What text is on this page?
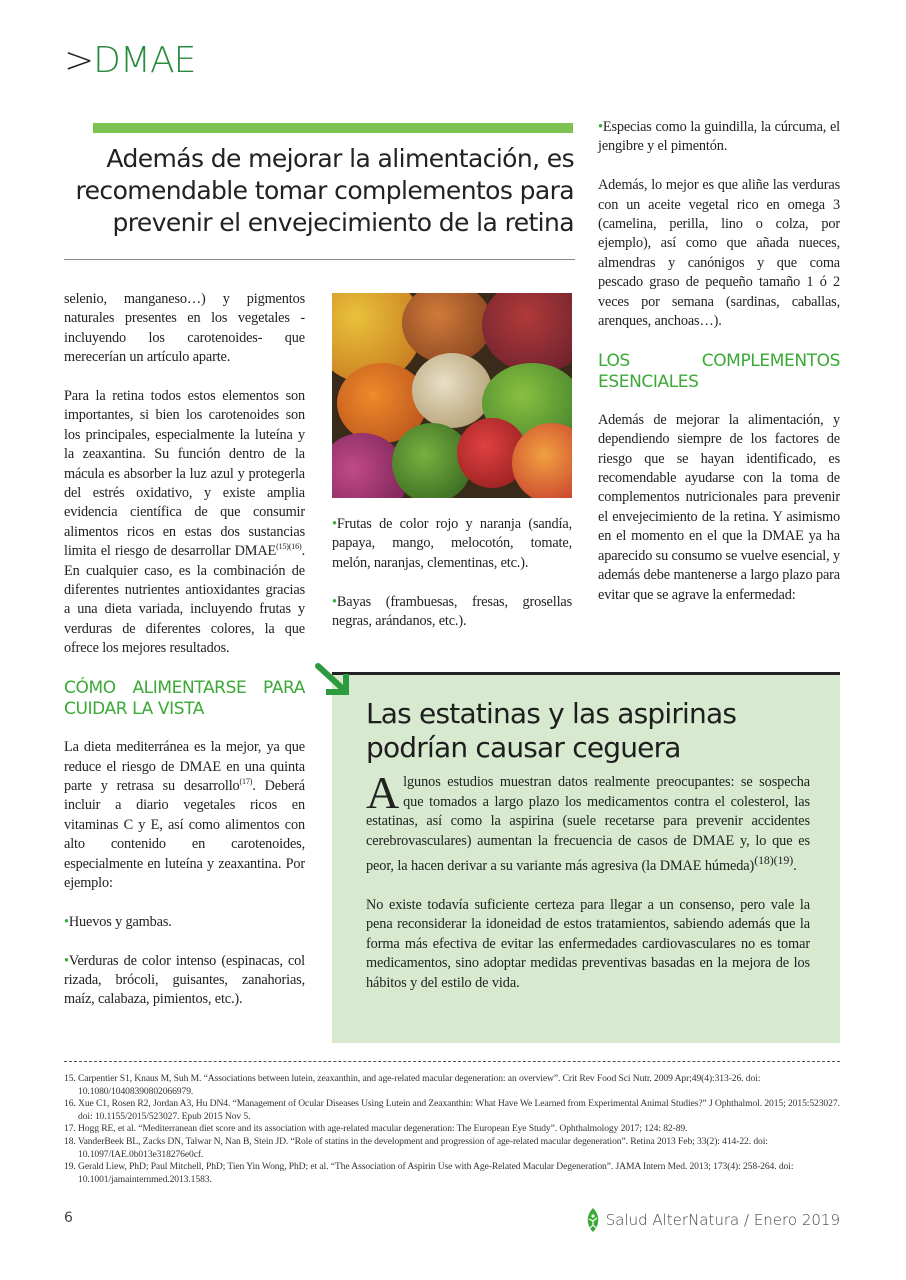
>DMAE
Además de mejorar la alimentación, es recomendable tomar complementos para prevenir el envejecimiento de la retina

selenio, manganeso…) y pigmentos naturales presentes en los vegetales -incluyendo los carotenoides- que merecerían un artículo aparte.

Para la retina todos estos elementos son importantes, si bien los carotenoides son los principales, especialmente la luteína y la zeaxantina. Su función dentro de la mácula es absorber la luz azul y protegerla del estrés oxidativo, y existe amplia evidencia científica de que consumir alimentos ricos en estas dos sustancias limita el riesgo de desarrollar $DMAE^{(15)(16)}$. En cualquier caso, es la combinación de diferentes nutrientes antioxidantes gracias a una dieta variada, incluyendo frutas y verduras de diferentes colores, la que ofrece los mejores resultados.

CÓMO ALIMENTARSE PARA CUIDAR LA VISTA

La dieta mediterránea es la mejor, ya que reduce el riesgo de DMAE en una quinta parte y retrasa su desarrollo$^{(17)}$. Deberá incluir a diario vegetales ricos en vitaminas C y E, así como alimentos con alto contenido en carotenoides, especialmente en luteína y zeaxantina. Por ejemplo:

•Huevos y gambas.

•Verduras de color intenso (espinacas, col rizada, brócoli, guisantes, zanahorias, maíz, calabaza, pimientos, etc.).

•Frutas de color rojo y naranja (sandía, papaya, mango, melocotón, tomate, melón, naranjas, clementinas, etc.).

•Bayas (frambuesas, fresas, grosellas negras, arándanos, etc.).

•Especias como la guindilla, la cúrcuma, el jengibre y el pimentón.

Además, lo mejor es que aliñe las verduras con un aceite vegetal rico en omega 3 (camelina, perilla, lino o colza, por ejemplo), así como que añada nueces, almendras y canónigos y que coma pescado graso de pequeño tamaño 1 ó 2 veces por semana (sardinas, caballas, arenques, anchoas…).

LOS COMPLEMENTOS ESENCIALES

Además de mejorar la alimentación, y dependiendo siempre de los factores de riesgo que se hayan identificado, es recomendable ayudarse con la toma de complementos nutricionales para prevenir el envejecimiento de la retina. Y asimismo en el momento en el que la DMAE ya ha aparecido su consumo se vuelve esencial, y además debe mantenerse a largo plazo para evitar que se agrave la enfermedad:

Las estatinas y las aspirinas podrían causar ceguera

Algunos estudios muestran datos realmente preocupantes: se sospecha que tomados a largo plazo los medicamentos contra el colesterol, las estatinas, así como la aspirina (suele recetarse para prevenir accidentes cerebrovasculares) aumentan la frecuencia de casos de DMAE y, lo que es peor, la hacen derivar a su variante más agresiva (la DMAE húmeda)$^{(18)(19)}$.

No existe todavía suficiente certeza para llegar a un consenso, pero vale la pena reconsiderar la idoneidad de estos tratamientos, sabiendo además que la forma más efectiva de evitar las enfermedades cardiovasculares no es tomar medicamentos, sino adoptar medidas preventivas basadas en la mejora de los hábitos y del estilo de vida.

15. Carpentier S1, Knaus M, Suh M. “Associations between lutein, zeaxanthin, and age-related macular degeneration: an overview”. Crit Rev Food Sci Nutr. 2009 Apr;49(4):313-26. doi: 10.1080/10408390802066979.
16. Xue C1, Rosen R2, Jordan A3, Hu DN4. “Management of Ocular Diseases Using Lutein and Zeaxanthin: What Have We Learned from Experimental Animal Studies?” J Ophthalmol. 2015; 2015:523027. doi: 10.1155/2015/523027. Epub 2015 Nov 5.
17. Hogg RE, et al. “Mediterranean diet score and its association with age-related macular degeneration: The European Eye Study”. Ophthalmology 2017; 124: 82-89.
18. VanderBeek BL, Zacks DN, Talwar N, Nan B, Stein JD. “Role of statins in the development and progression of age-related macular degeneration”. Retina 2013 Feb; 33(2): 414-22. doi: 10.1097/IAE.0b013e318276e0cf.
19. Gerald Liew, PhD; Paul Mitchell, PhD; Tien Yin Wong, PhD; et al. “The Association of Aspirin Use with Age-Related Macular Degeneration”. JAMA Intern Med. 2013; 173(4): 258-264. doi: 10.1001/jamainternmed.2013.1583.
6	Salud AlterNatura / Enero 2019
